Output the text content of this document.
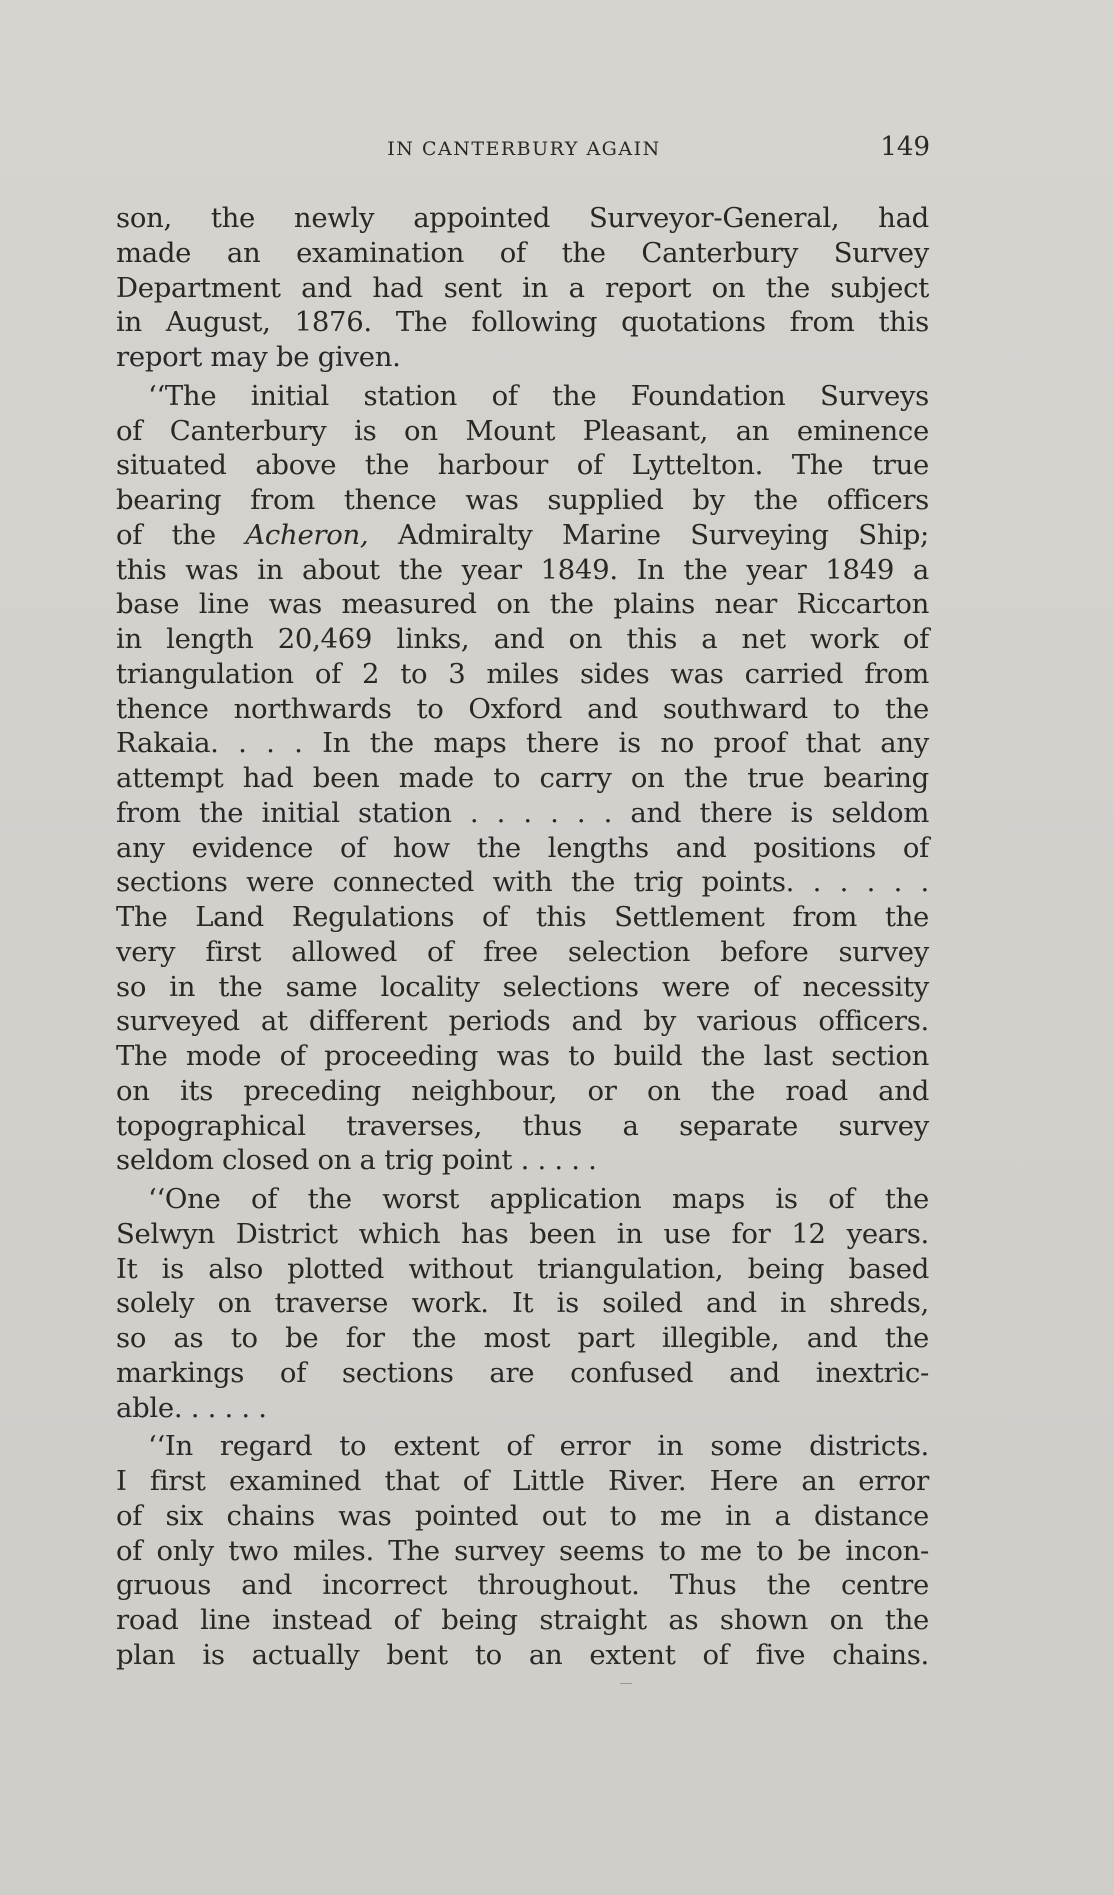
IN CANTERBURY AGAIN	149

son, the newly appointed Surveyor-General, had
made an examination of the Canterbury Survey
Department and had sent in a report on the subject
in August, 1876. The following quotations from this
report may be given.

‘‘The initial station of the Foundation Surveys
of Canterbury is on Mount Pleasant, an eminence
situated above the harbour of Lyttelton. The true
bearing from thence was supplied by the officers
of the Acheron, Admiralty Marine Surveying Ship;
this was in about the year 1849. In the year 1849 a
base line was measured on the plains near Riccarton
in length 20,469 links, and on this a net work of
triangulation of 2 to 3 miles sides was carried from
thence northwards to Oxford and southward to the
Rakaia. . . . In the maps there is no proof that any
attempt had been made to carry on the true bearing
from the initial station . . . . . . and there is seldom
any evidence of how the lengths and positions of
sections were connected with the trig points. . . . . .
The Land Regulations of this Settlement from the
very first allowed of free selection before survey
so in the same locality selections were of necessity
surveyed at different periods and by various officers.
The mode of proceeding was to build the last section
on its preceding neighbour, or on the road and
topographical traverses, thus a separate survey
seldom closed on a trig point . . . . .

‘‘One of the worst application maps is of the
Selwyn District which has been in use for 12 years.
It is also plotted without triangulation, being based
solely on traverse work. It is soiled and in shreds,
so as to be for the most part illegible, and the
markings of sections are confused and inextric-
able. . . . . .

‘‘In regard to extent of error in some districts.
I first examined that of Little River. Here an error
of six chains was pointed out to me in a distance
of only two miles. The survey seems to me to be incon-
gruous and incorrect throughout. Thus the centre
road line instead of being straight as shown on the
plan is actually bent to an extent of five chains.
